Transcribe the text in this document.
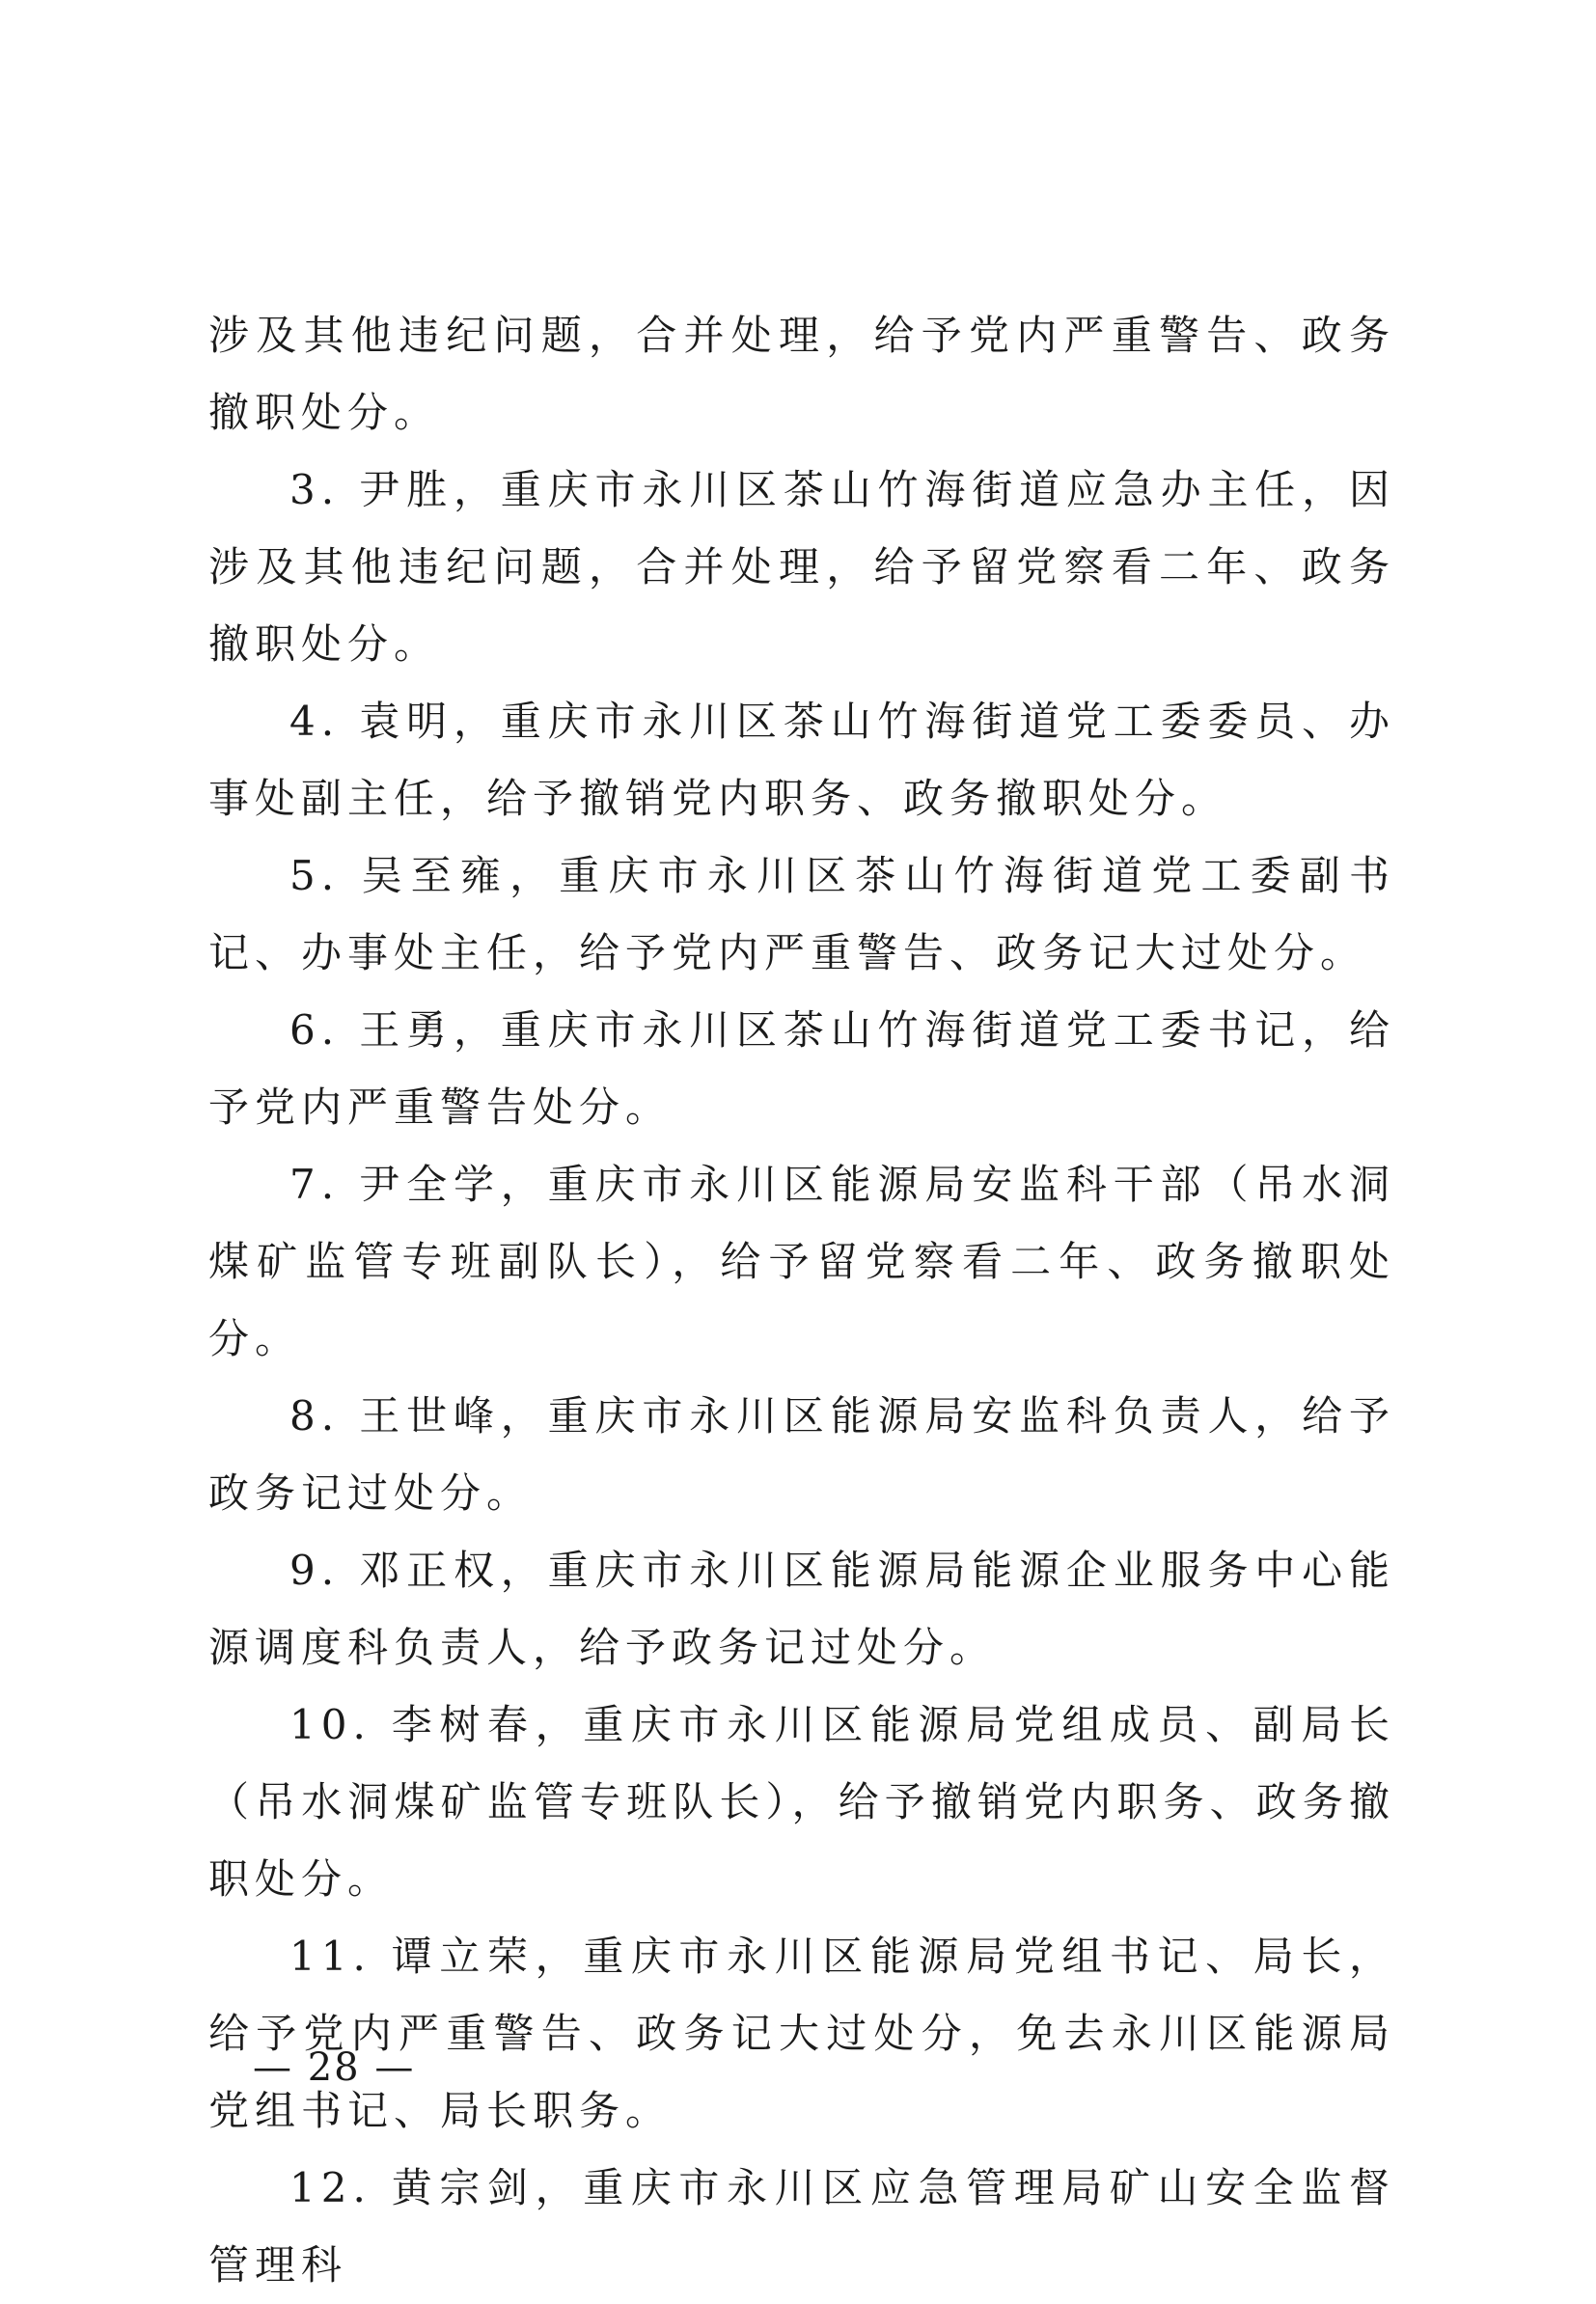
涉及其他违纪问题，合并处理，给予党内严重警告、政务撤职处分。

3. 尹胜，重庆市永川区茶山竹海街道应急办主任，因涉及其他违纪问题，合并处理，给予留党察看二年、政务撤职处分。

4. 袁明，重庆市永川区茶山竹海街道党工委委员、办事处副主任，给予撤销党内职务、政务撤职处分。

5. 吴至雍，重庆市永川区茶山竹海街道党工委副书记、办事处主任，给予党内严重警告、政务记大过处分。

6. 王勇，重庆市永川区茶山竹海街道党工委书记，给予党内严重警告处分。

7. 尹全学，重庆市永川区能源局安监科干部（吊水洞煤矿监管专班副队长），给予留党察看二年、政务撤职处分。

8. 王世峰，重庆市永川区能源局安监科负责人，给予政务记过处分。

9. 邓正权，重庆市永川区能源局能源企业服务中心能源调度科负责人，给予政务记过处分。

10. 李树春，重庆市永川区能源局党组成员、副局长（吊水洞煤矿监管专班队长），给予撤销党内职务、政务撤职处分。

11. 谭立荣，重庆市永川区能源局党组书记、局长，给予党内严重警告、政务记大过处分，免去永川区能源局党组书记、局长职务。

12. 黄宗剑，重庆市永川区应急管理局矿山安全监督管理科

— 28 —
